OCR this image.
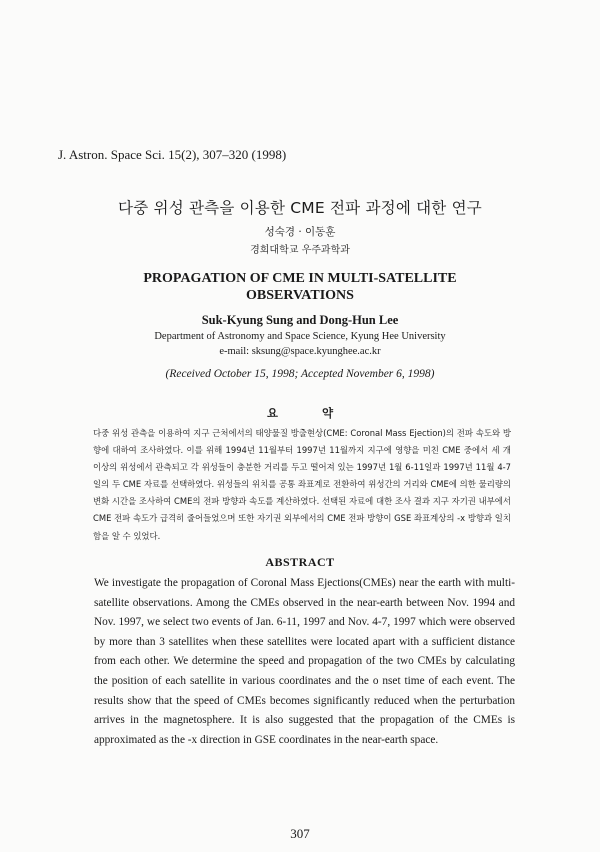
J. Astron. Space Sci. 15(2), 307–320 (1998)
다중 위성 관측을 이용한 CME 전파 과정에 대한 연구
성숙경 · 이동훈
경희대학교 우주과학과
PROPAGATION OF CME IN MULTI-SATELLITE
OBSERVATIONS
Suk-Kyung Sung and Dong-Hun Lee
Department of Astronomy and Space Science, Kyung Hee University
e-mail: sksung@space.kyunghee.ac.kr
(Received October 15, 1998; Accepted November 6, 1998)
요 약
다중 위성 관측을 이용하여 지구 근처에서의 태양물질 방출현상(CME: Coronal Mass Ejection)의 전파 속도와 방향에 대하여 조사하였다. 이를 위해 1994년 11월부터 1997년 11월까지 지구에 영향을 미친 CME 중에서 세 개 이상의 위성에서 관측되고 각 위성들이 충분한 거리를 두고 떨어져 있는 1997년 1월 6-11일과 1997년 11월 4-7일의 두 CME 자료를 선택하였다. 위성들의 위치를 공통 좌표계로 전환하여 위성간의 거리와 CME에 의한 물리량의 변화 시간을 조사하여 CME의 전파 방향과 속도를 계산하였다. 선택된 자료에 대한 조사 결과 지구 자기권 내부에서 CME 전파 속도가 급격히 줄어들었으며 또한 자기권 외부에서의 CME 전파 방향이 GSE 좌표계상의 -x 방향과 일치함을 알 수 있었다.
ABSTRACT
We investigate the propagation of Coronal Mass Ejections(CMEs) near the earth with multi-satellite observations. Among the CMEs observed in the near-earth between Nov. 1994 and Nov. 1997, we select two events of Jan. 6-11, 1997 and Nov. 4-7, 1997 which were observed by more than 3 satellites when these satellites were located apart with a sufficient distance from each other. We determine the speed and propagation of the two CMEs by calculating the position of each satellite in various coordinates and the o nset time of each event. The results show that the speed of CMEs becomes significantly reduced when the perturbation arrives in the magnetosphere. It is also suggested that the propagation of the CMEs is approximated as the -x direction in GSE coordinates in the near-earth space.
307
